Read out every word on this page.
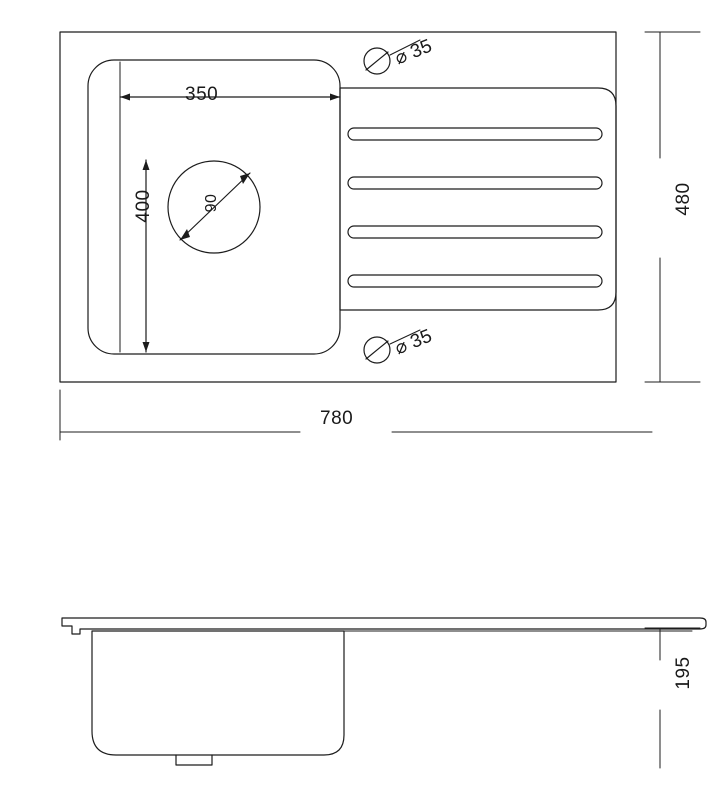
350
400	90
⌀ 35
⌀ 35
480
780
195
